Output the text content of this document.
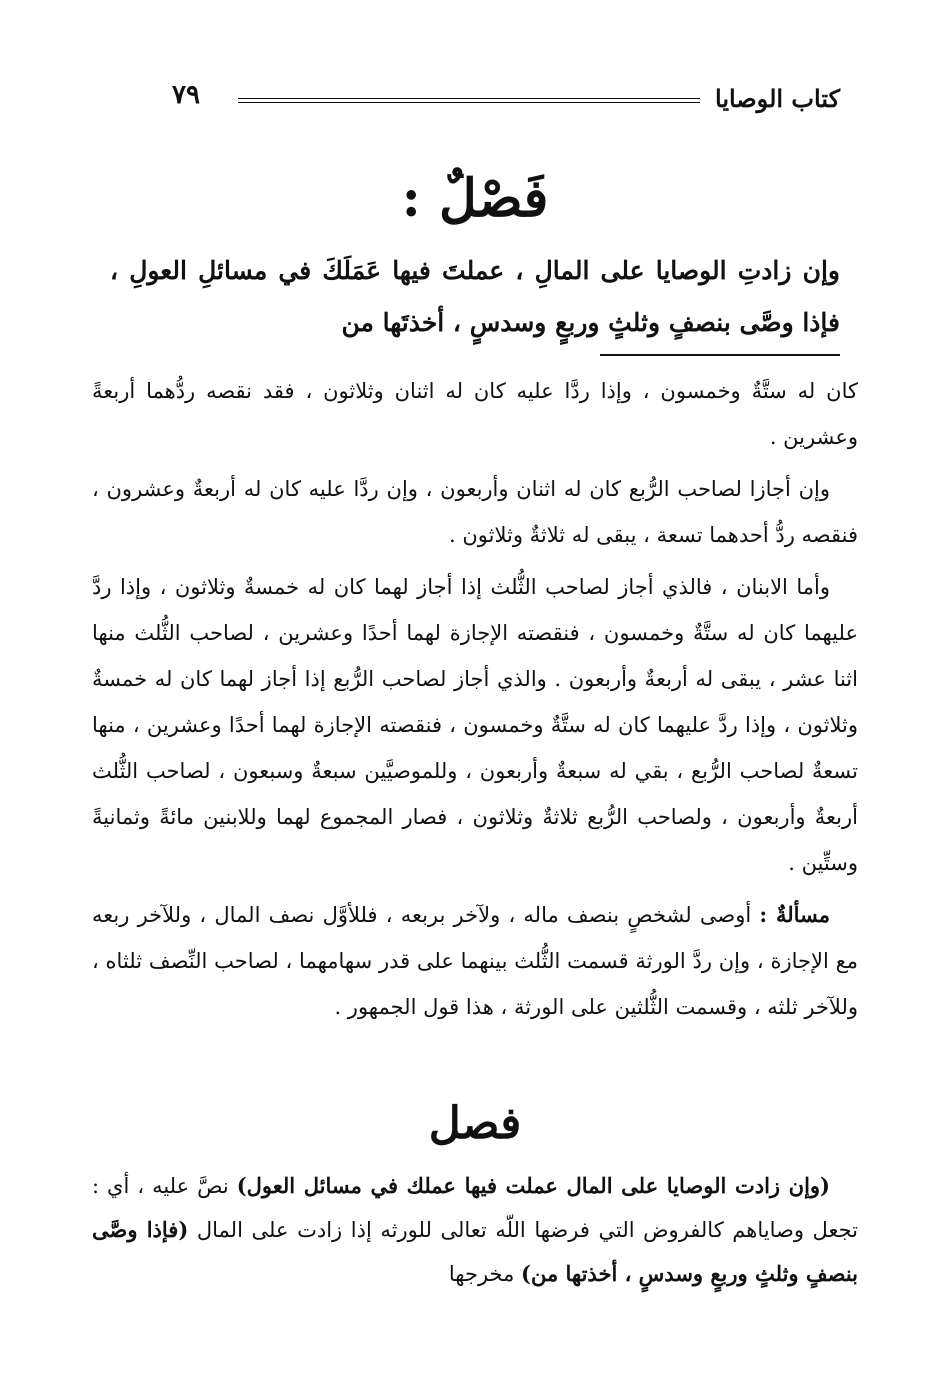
كتاب الوصايا
٧٩
فَصْلٌ :
وإن زادتِ الوصايا على المالِ ، عملتَ فيها عَمَلَكَ في مسائلِ العولِ ، فإذا وصَّى بنصفٍ وثلثٍ وربعٍ وسدسٍ ، أخذتَها من

كان له ستَّةٌ وخمسون ، وإذا ردَّا عليه كان له اثنان وثلاثون ، فقد نقصه ردُّهما أربعةً وعشرين .

وإن أجازا لصاحب الرُّبع كان له اثنان وأربعون ، وإن ردَّا عليه كان له أربعةٌ وعشرون ، فنقصه ردُّ أحدهما تسعة ، يبقى له ثلاثةٌ وثلاثون .

وأما الابنان ، فالذي أجاز لصاحب الثُّلث إذا أجاز لهما كان له خمسةٌ وثلاثون ، وإذا ردَّ عليهما كان له ستَّةٌ وخمسون ، فنقصته الإجازة لهما أحدًا وعشرين ، لصاحب الثُّلث منها اثنا عشر ، يبقى له أربعةٌ وأربعون . والذي أجاز لصاحب الرُّبع إذا أجاز لهما كان له خمسةٌ وثلاثون ، وإذا ردَّ عليهما كان له ستَّةٌ وخمسون ، فنقصته الإجازة لهما أحدًا وعشرين ، منها تسعةٌ لصاحب الرُّبع ، بقي له سبعةٌ وأربعون ، وللموصيَّين سبعةٌ وسبعون ، لصاحب الثُّلث أربعةٌ وأربعون ، ولصاحب الرُّبع ثلاثةٌ وثلاثون ، فصار المجموع لهما وللابنين مائةً وثمانيةً وستِّين .

مسألةٌ : أوصى لشخصٍ بنصف ماله ، ولآخر بربعه ، فللأوَّل نصف المال ، وللآخر ربعه مع الإجازة ، وإن ردَّ الورثة قسمت الثُّلث بينهما على قدر سهامهما ، لصاحب النِّصف ثلثاه ، وللآخر ثلثه ، وقسمت الثُّلثين على الورثة ، هذا قول الجمهور .

فصل

(وإن زادت الوصايا على المال عملت فيها عملك في مسائل العول) نصَّ عليه ، أي : تجعل وصاياهم كالفروض التي فرضها اللّه تعالى للورثه إذا زادت على المال (فإذا وصَّى بنصفٍ وثلثٍ وربعٍ وسدسٍ ، أخذتها من) مخرجها
